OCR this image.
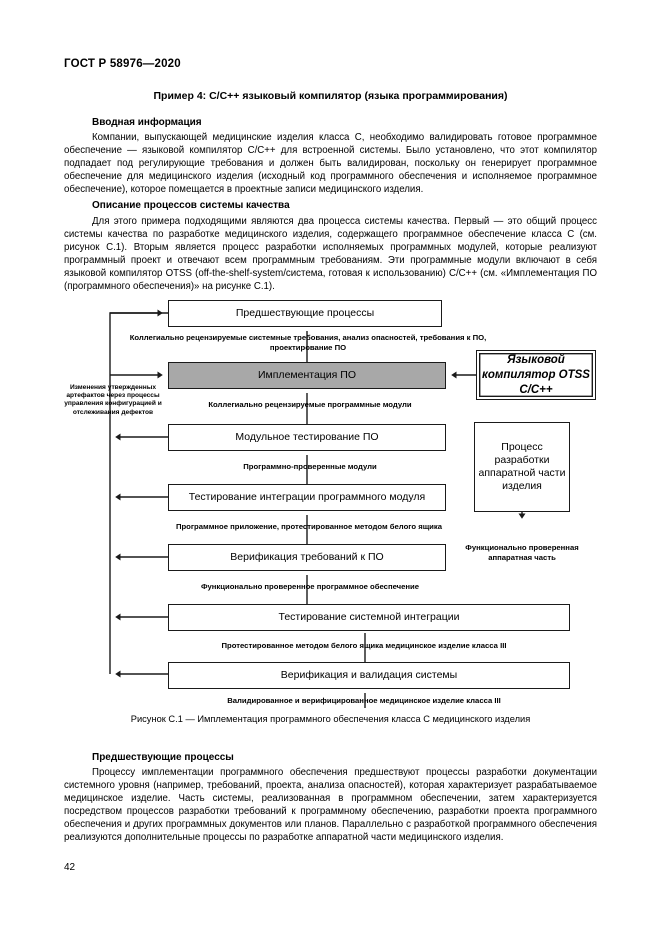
ГОСТ Р 58976—2020
Пример 4: C/C++ языковый компилятор (языка программирования)
Вводная информация

Компании, выпускающей медицинские изделия класса C, необходимо валидировать готовое программное обеспечение — языковой компилятор C/C++ для встроенной системы. Было установлено, что этот компилятор подпадает под регулирующие требования и должен быть валидирован, поскольку он генерирует программное обеспечение для медицинского изделия (исходный код программного обеспечения и исполняемое программное обеспечение), которое помещается в проектные записи медицинского изделия.

Описание процессов системы качества

Для этого примера подходящими являются два процесса системы качества. Первый — это общий процесс системы качества по разработке медицинского изделия, содержащего программное обеспечение класса C (см. рисунок C.1). Вторым является процесс разработки исполняемых программных модулей, которые реализуют программный проект и отвечают всем программным требованиям. Эти программные модули включают в себя языковой компилятор OTSS (off-the-shelf-system/система, готовая к использованию) C/C++ (см. «Имплементация ПО (программного обеспечения)» на рисунке C.1).

Предшествующие процессы
Коллегиально рецензируемые системные требования, анализ опасностей, требования к ПО, проектирование ПО
Имплементация ПО
Коллегиально рецензируемые программные модули
Модульное тестирование ПО
Программно-проверенные модули
Тестирование интеграции программного модуля
Программное приложение, протестированное методом белого ящика
Верификация требований к ПО
Функционально проверенное программное обеспечение
Тестирование системной интеграции
Протестированное методом белого ящика медицинское изделие класса III
Верификация и валидация системы
Валидированное и верифицированное медицинское изделие класса III
Изменения утвержденных артефактов через процессы управления конфигурацией и отслеживания дефектов
Языковой компилятор OTSS C/C++
Процесс разработки аппаратной части изделия
Функционально проверенная аппаратная часть
Рисунок С.1 — Имплементация программного обеспечения класса C медицинского изделия
Предшествующие процессы

Процессу имплементации программного обеспечения предшествуют процессы разработки документации системного уровня (например, требований, проекта, анализа опасностей), которая характеризует разрабатываемое медицинское изделие. Часть системы, реализованная в программном обеспечении, затем характеризуется посредством процессов разработки требований к программному обеспечению, разработки проекта программного обеспечения и других программных документов или планов. Параллельно с разработкой программного обеспечения реализуются дополнительные процессы по разработке аппаратной части медицинского изделия.

42
